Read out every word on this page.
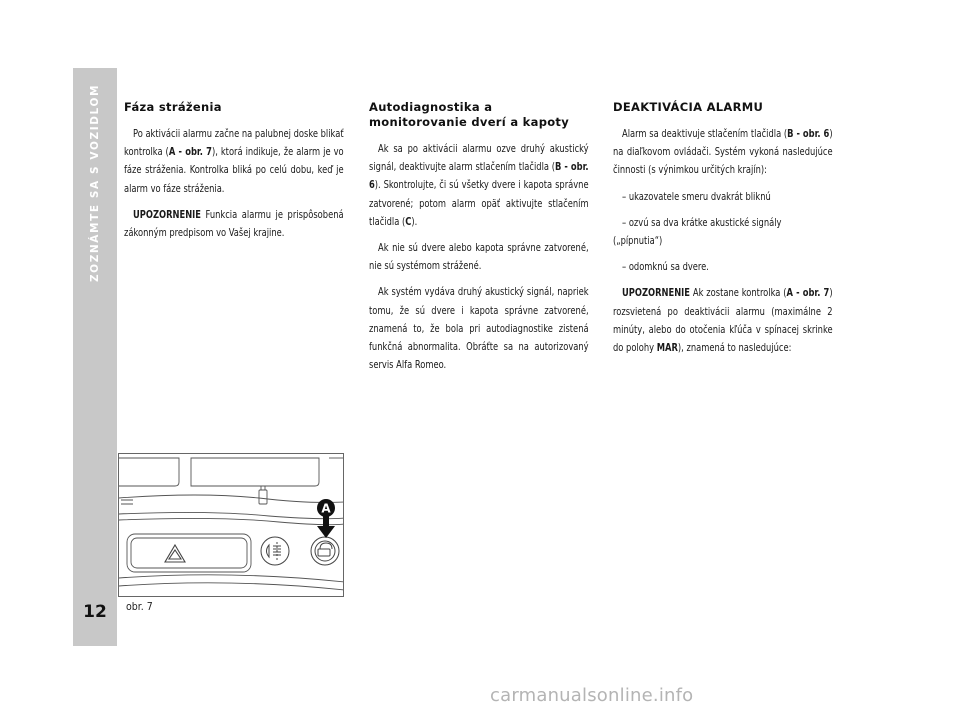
ZOZNÁMTE SA S VOZIDLOM
12
Fáza stráženia

Po aktivácii alarmu začne na palubnej doske blikať kontrolka (A - obr. 7), ktorá indikuje, že alarm je vo fáze stráženia. Kontrolka bliká po celú dobu, keď je alarm vo fáze stráženia.

UPOZORNENIE Funkcia alarmu je prispôsobená zákonným predpisom vo Vašej krajine.

Autodiagnostika a monitorovanie dverí a kapoty

Ak sa po aktivácii alarmu ozve druhý akustický signál, deaktivujte alarm stlačením tlačidla (B - obr. 6). Skontrolujte, či sú všetky dvere i kapota správne zatvorené; potom alarm opäť aktivujte stlačením tlačidla (C).

Ak nie sú dvere alebo kapota správne zatvorené, nie sú systémom strážené.

Ak systém vydáva druhý akustický signál, napriek tomu, že sú dvere i kapota správne zatvorené, znamená to, že bola pri autodiagnostike zistená funkčná abnormalita. Obráťte sa na autorizovaný servis Alfa Romeo.

DEAKTIVÁCIA ALARMU

Alarm sa deaktivuje stlačením tlačidla (B - obr. 6) na diaľkovom ovládači. Systém vykoná nasledujúce činnosti (s výnimkou určitých krajín):

– ukazovatele smeru dvakrát bliknú

– ozvú sa dva krátke akustické signály („pípnutia“)

– odomknú sa dvere.

UPOZORNENIE Ak zostane kontrolka (A - obr. 7) rozsvietená po deaktivácii alarmu (maximálne 2 minúty, alebo do otočenia kľúča v spínacej skrinke do polohy MAR), znamená to nasledujúce:

A
obr. 7
carmanualsonline.info
